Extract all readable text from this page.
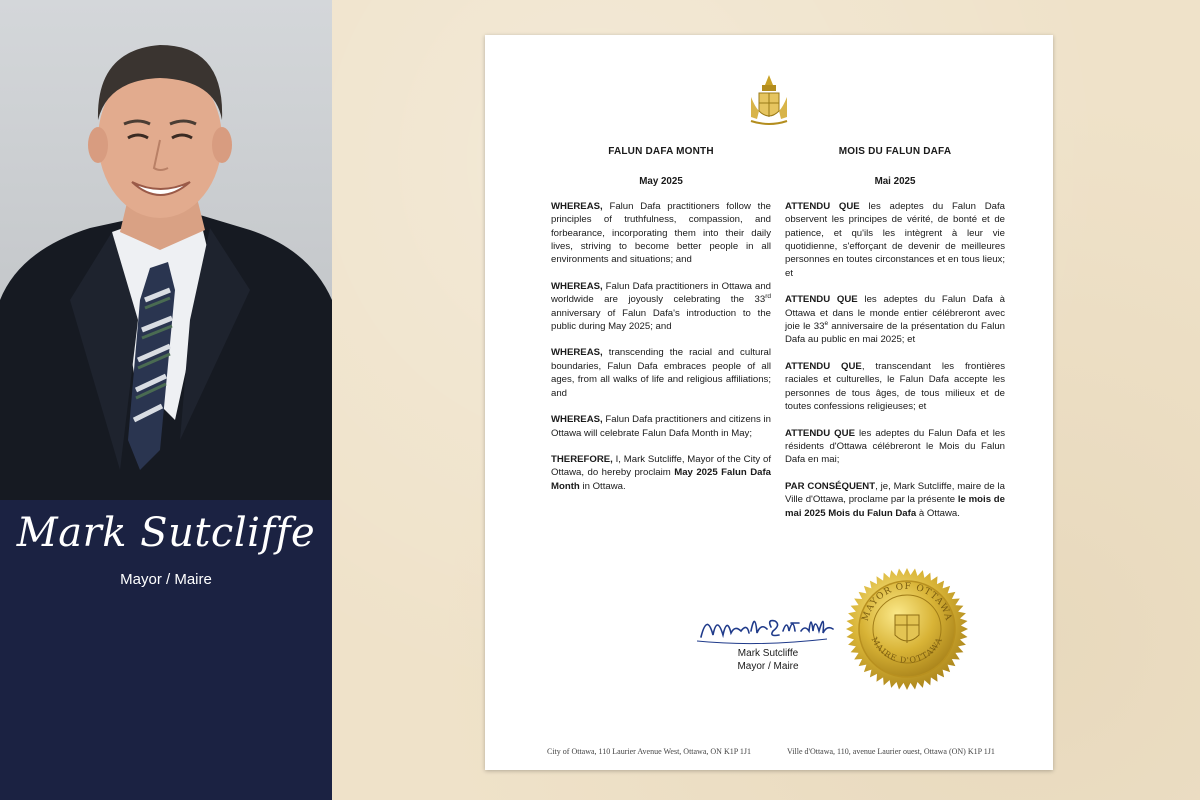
Mark Sutcliffe
Mayor / Maire
FALUN DAFA MONTH
May 2025

WHEREAS, Falun Dafa practitioners follow the principles of truthfulness, compassion, and forbearance, incorporating them into their daily lives, striving to become better people in all environments and situations; and

WHEREAS, Falun Dafa practitioners in Ottawa and worldwide are joyously celebrating the 33rd anniversary of Falun Dafa's introduction to the public during May 2025; and

WHEREAS, transcending the racial and cultural boundaries, Falun Dafa embraces people of all ages, from all walks of life and religious affiliations; and

WHEREAS, Falun Dafa practitioners and citizens in Ottawa will celebrate Falun Dafa Month in May;

THEREFORE, I, Mark Sutcliffe, Mayor of the City of Ottawa, do hereby proclaim May 2025 Falun Dafa Month in Ottawa.

MOIS DU FALUN DAFA
Mai 2025

ATTENDU QUE les adeptes du Falun Dafa observent les principes de vérité, de bonté et de patience, et qu'ils les intègrent à leur vie quotidienne, s'efforçant de devenir de meilleures personnes en toutes circonstances et en tous lieux; et

ATTENDU QUE les adeptes du Falun Dafa à Ottawa et dans le monde entier célébreront avec joie le 33e anniversaire de la présentation du Falun Dafa au public en mai 2025; et

ATTENDU QUE, transcendant les frontières raciales et culturelles, le Falun Dafa accepte les personnes de tous âges, de tous milieux et de toutes confessions religieuses; et

ATTENDU QUE les adeptes du Falun Dafa et les résidents d'Ottawa célébreront le Mois du Falun Dafa en mai;

PAR CONSÉQUENT, je, Mark Sutcliffe, maire de la Ville d'Ottawa, proclame par la présente le mois de mai 2025 Mois du Falun Dafa à Ottawa.

Mark Sutcliffe
Mayor / Maire
MAYOR OF OTTAWA
MAIRE D'OTTAWA
City of Ottawa, 110 Laurier Avenue West, Ottawa, ON K1P 1J1	Ville d'Ottawa, 110, avenue Laurier ouest, Ottawa (ON) K1P 1J1
